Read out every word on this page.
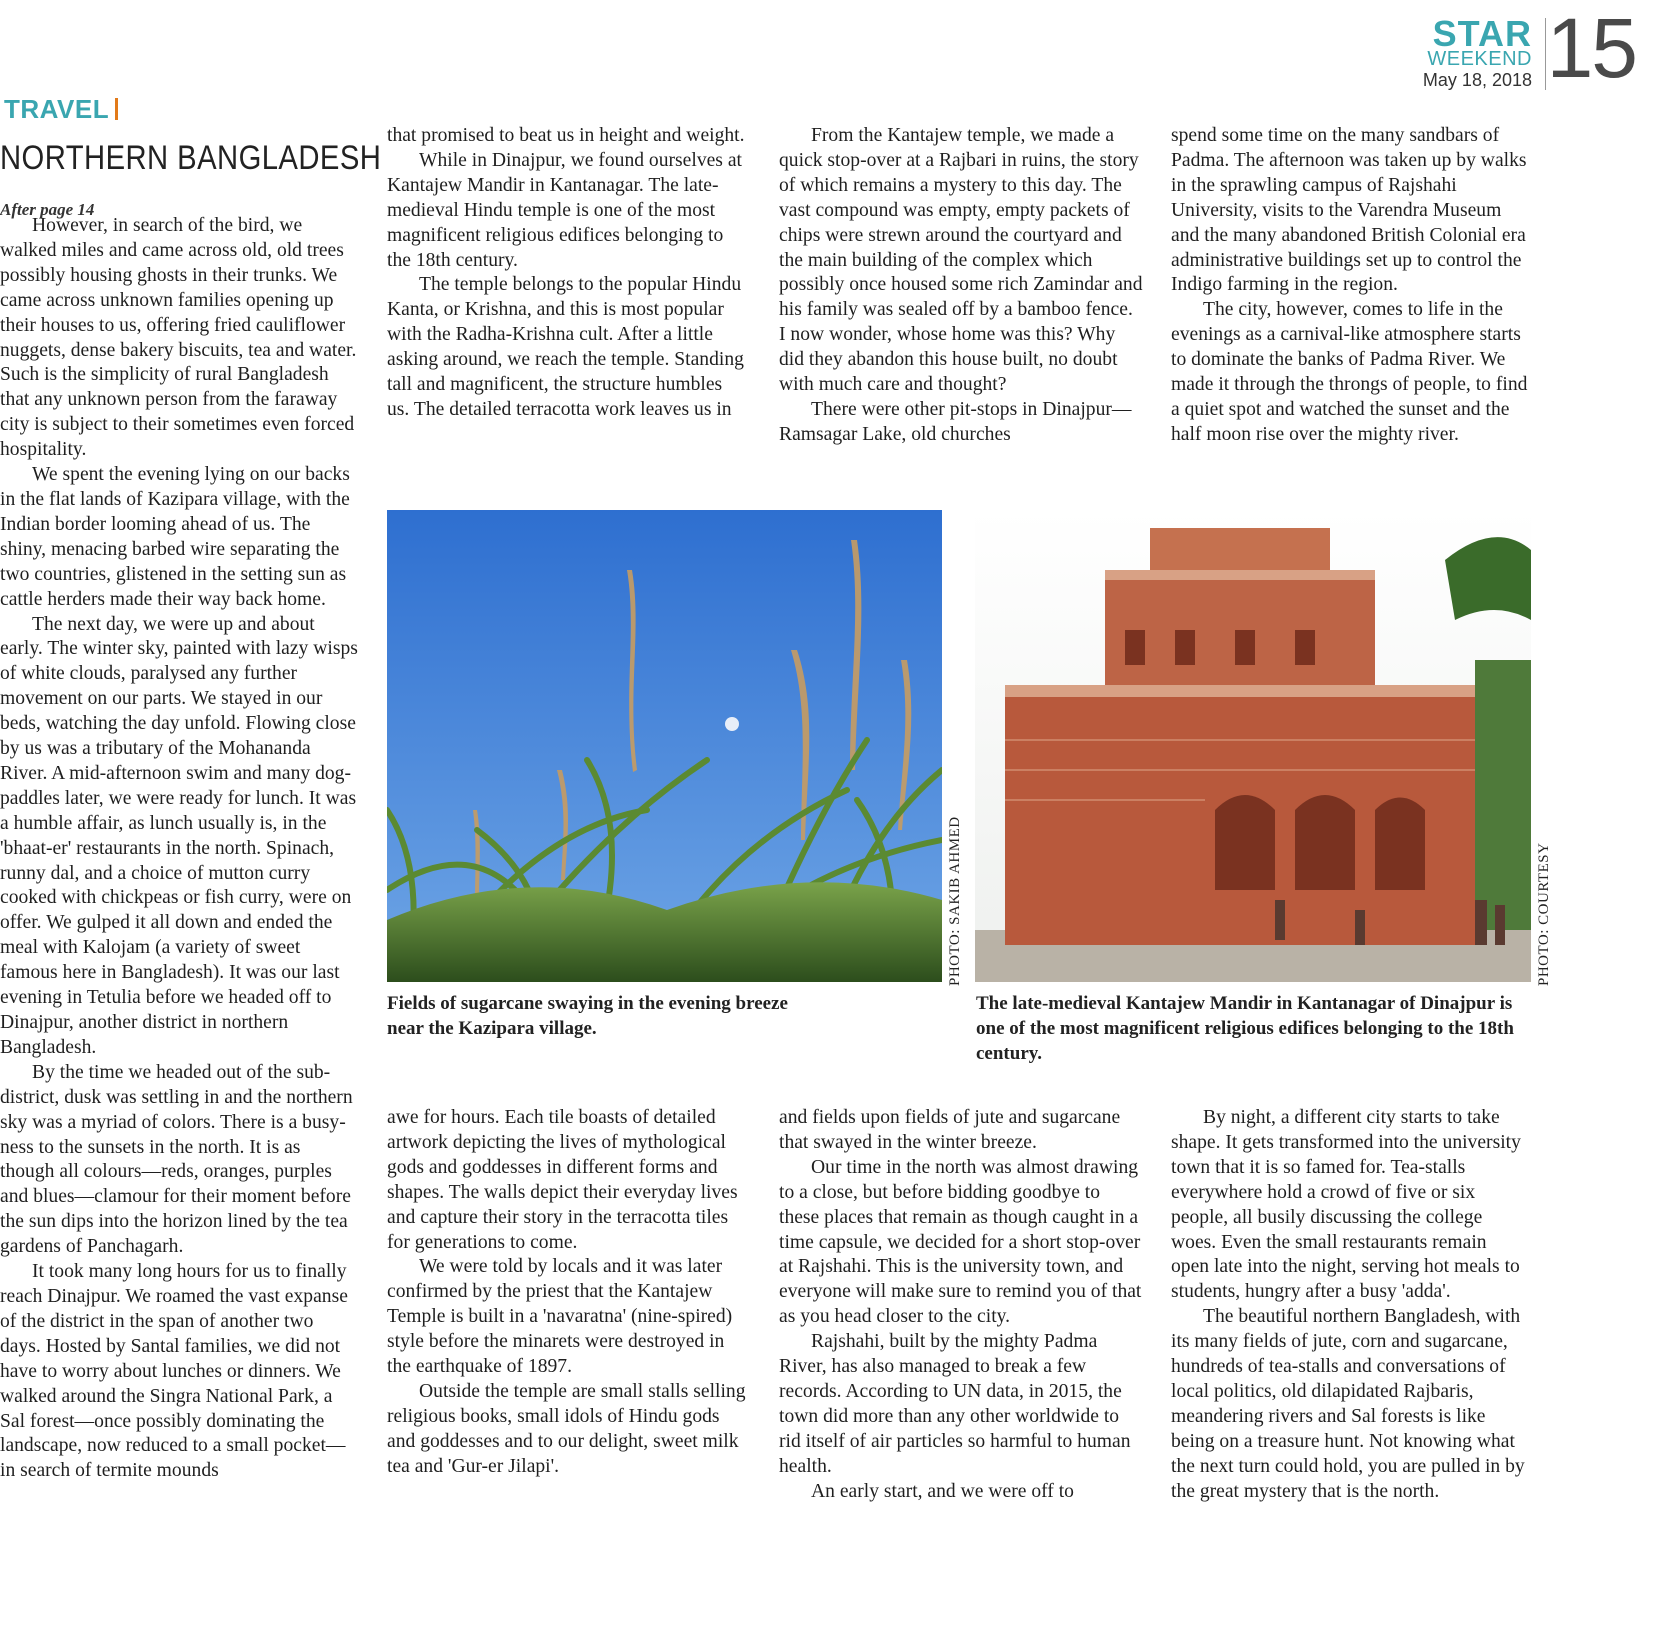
STAR
WEEKEND
May 18, 2018 15
TRAVEL
NORTHERN BANGLADESH
After page 14

However, in search of the bird, we walked miles and came across old, old trees possibly housing ghosts in their trunks. We came across unknown families opening up their houses to us, offering fried cauliflower nuggets, dense bakery biscuits, tea and water. Such is the simplicity of rural Bangladesh that any unknown person from the faraway city is subject to their sometimes even forced hospitality.

We spent the evening lying on our backs in the flat lands of Kazipara village, with the Indian border looming ahead of us. The shiny, menacing barbed wire separating the two countries, glistened in the setting sun as cattle herders made their way back home.

The next day, we were up and about early. The winter sky, painted with lazy wisps of white clouds, paralysed any further movement on our parts. We stayed in our beds, watching the day unfold. Flowing close by us was a tributary of the Mohananda River. A mid-afternoon swim and many dog-paddles later, we were ready for lunch. It was a humble affair, as lunch usually is, in the 'bhaat-er' restaurants in the north. Spinach, runny dal, and a choice of mutton curry cooked with chickpeas or fish curry, were on offer. We gulped it all down and ended the meal with Kalojam (a variety of sweet famous here in Bangladesh). It was our last evening in Tetulia before we headed off to Dinajpur, another district in northern Bangladesh.

By the time we headed out of the sub-district, dusk was settling in and the northern sky was a myriad of colors. There is a busy-ness to the sunsets in the north. It is as though all colours—reds, oranges, purples and blues—clamour for their moment before the sun dips into the horizon lined by the tea gardens of Panchagarh.

It took many long hours for us to finally reach Dinajpur. We roamed the vast expanse of the district in the span of another two days. Hosted by Santal families, we did not have to worry about lunches or dinners. We walked around the Singra National Park, a Sal forest—once possibly dominating the landscape, now reduced to a small pocket—in search of termite mounds

that promised to beat us in height and weight.

While in Dinajpur, we found ourselves at Kantajew Mandir in Kantanagar. The late-medieval Hindu temple is one of the most magnificent religious edifices belonging to the 18th century.

The temple belongs to the popular Hindu Kanta, or Krishna, and this is most popular with the Radha-Krishna cult. After a little asking around, we reach the temple. Standing tall and magnificent, the structure humbles us. The detailed terracotta work leaves us in

From the Kantajew temple, we made a quick stop-over at a Rajbari in ruins, the story of which remains a mystery to this day. The vast compound was empty, empty packets of chips were strewn around the courtyard and the main building of the complex which possibly once housed some rich Zamindar and his family was sealed off by a bamboo fence. I now wonder, whose home was this? Why did they abandon this house built, no doubt with much care and thought?

There were other pit-stops in Dinajpur—Ramsagar Lake, old churches

spend some time on the many sandbars of Padma. The afternoon was taken up by walks in the sprawling campus of Rajshahi University, visits to the Varendra Museum and the many abandoned British Colonial era administrative buildings set up to control the Indigo farming in the region.

The city, however, comes to life in the evenings as a carnival-like atmosphere starts to dominate the banks of Padma River. We made it through the throngs of people, to find a quiet spot and watched the sunset and the half moon rise over the mighty river.

PHOTO: SAKIB AHMED
Fields of sugarcane swaying in the evening breeze near the Kazipara village.
PHOTO: COURTESY
The late-medieval Kantajew Mandir in Kantanagar of Dinajpur is one of the most magnificent religious edifices belonging to the 18th century.

awe for hours. Each tile boasts of detailed artwork depicting the lives of mythological gods and goddesses in different forms and shapes. The walls depict their everyday lives and capture their story in the terracotta tiles for generations to come.

We were told by locals and it was later confirmed by the priest that the Kantajew Temple is built in a 'navaratna' (nine-spired) style before the minarets were destroyed in the earthquake of 1897.

Outside the temple are small stalls selling religious books, small idols of Hindu gods and goddesses and to our delight, sweet milk tea and 'Gur-er Jilapi'.

and fields upon fields of jute and sugarcane that swayed in the winter breeze.

Our time in the north was almost drawing to a close, but before bidding goodbye to these places that remain as though caught in a time capsule, we decided for a short stop-over at Rajshahi. This is the university town, and everyone will make sure to remind you of that as you head closer to the city.

Rajshahi, built by the mighty Padma River, has also managed to break a few records. According to UN data, in 2015, the town did more than any other worldwide to rid itself of air particles so harmful to human health.

An early start, and we were off to

By night, a different city starts to take shape. It gets transformed into the university town that it is so famed for. Tea-stalls everywhere hold a crowd of five or six people, all busily discussing the college woes. Even the small restaurants remain open late into the night, serving hot meals to students, hungry after a busy 'adda'.

The beautiful northern Bangladesh, with its many fields of jute, corn and sugarcane, hundreds of tea-stalls and conversations of local politics, old dilapidated Rajbaris, meandering rivers and Sal forests is like being on a treasure hunt. Not knowing what the next turn could hold, you are pulled in by the great mystery that is the north.
